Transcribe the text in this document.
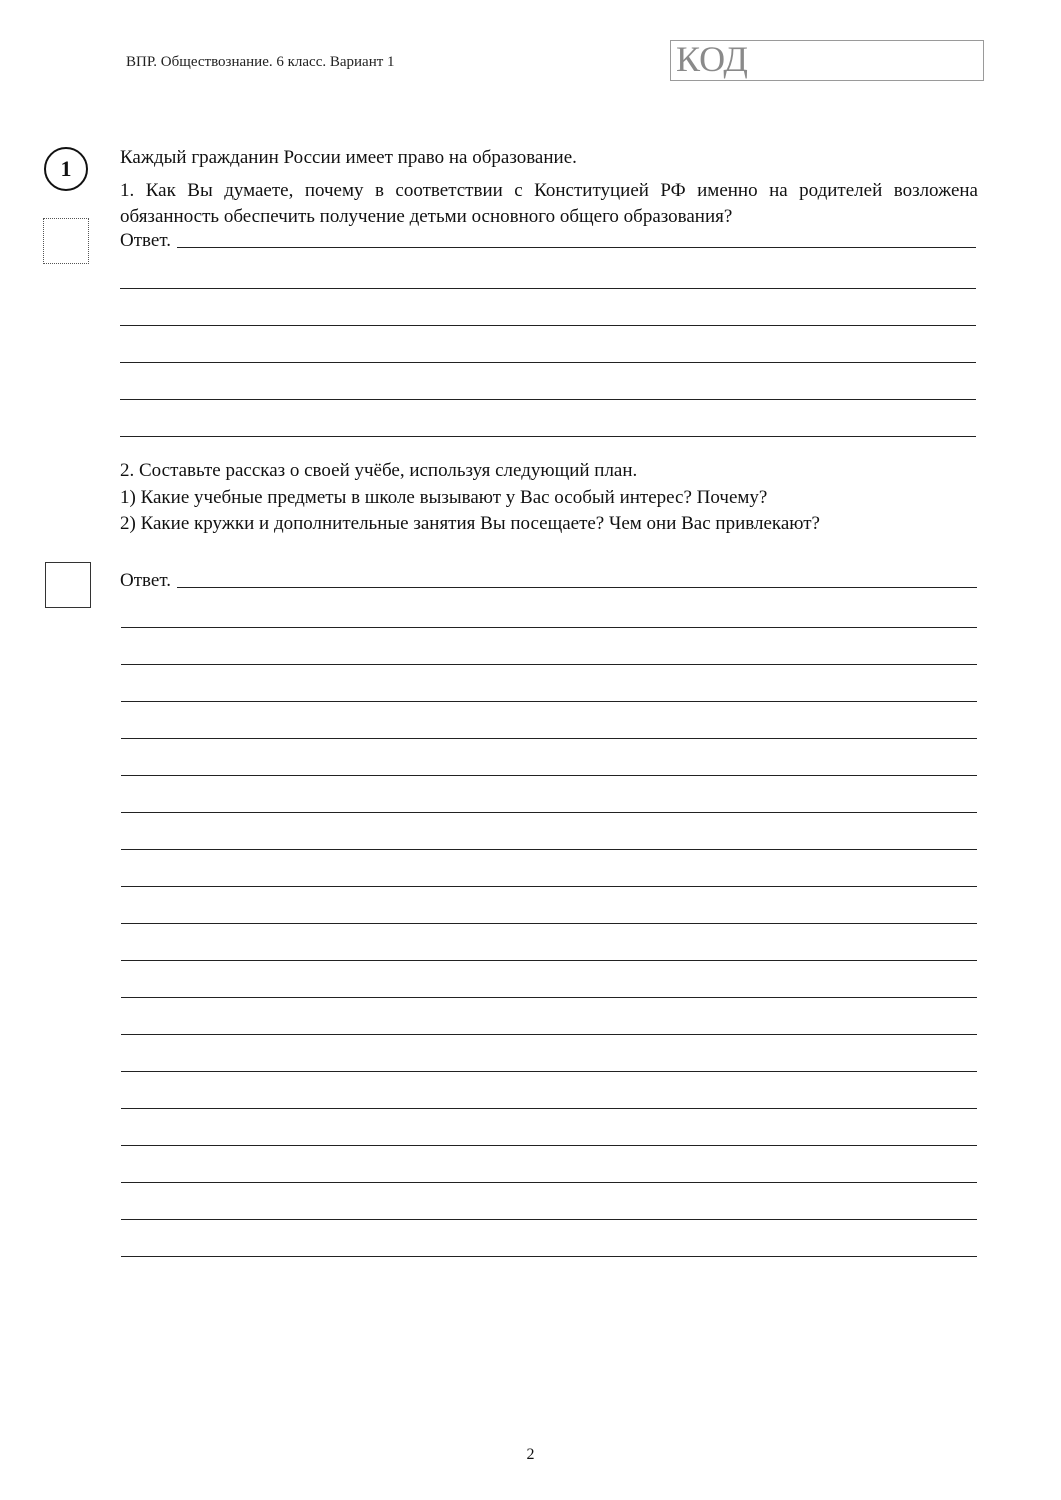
ВПР. Обществознание. 6 класс. Вариант 1	КОД
1	Каждый гражданин России имеет право на образование.
1. Как Вы думаете, почему в соответствии с Конституцией РФ именно на родителей возложена обязанность обеспечить получение детьми основного общего образования?
Ответ.
2. Составьте рассказ о своей учёбе, используя следующий план.
1) Какие учебные предметы в школе вызывают у Вас особый интерес? Почему?
2) Какие кружки и дополнительные занятия Вы посещаете? Чем они Вас привлекают?
Ответ.
2
